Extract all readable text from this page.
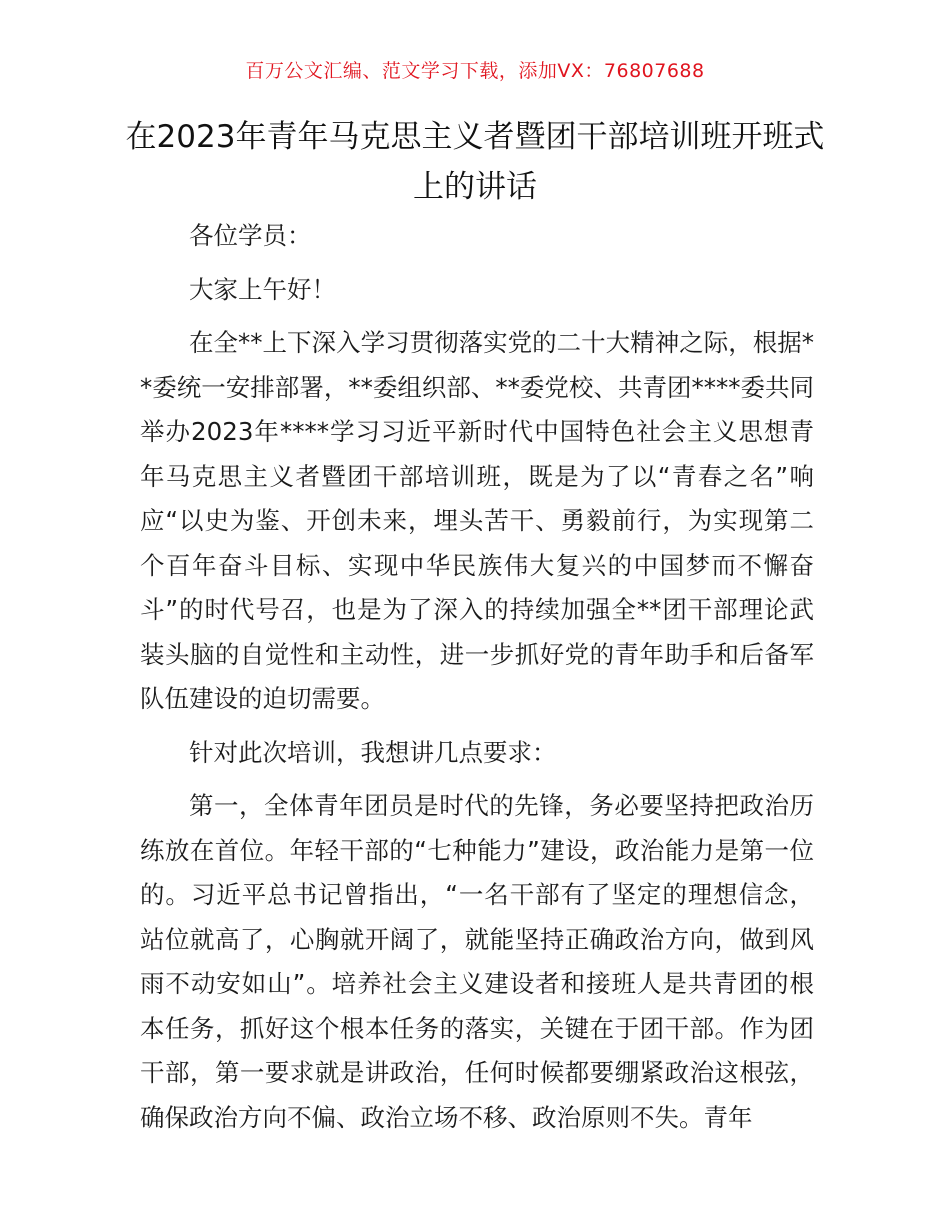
百万公文汇编、范文学习下载，添加VX：76807688
在2023年青年马克思主义者暨团干部培训班开班式上的讲话

各位学员：

大家上午好！

在全**上下深入学习贯彻落实党的二十大精神之际，根据**委统一安排部署，**委组织部、**委党校、共青团****委共同举办2023年****学习习近平新时代中国特色社会主义思想青年马克思主义者暨团干部培训班，既是为了以“青春之名”响应“以史为鉴、开创未来，埋头苦干、勇毅前行，为实现第二个百年奋斗目标、实现中华民族伟大复兴的中国梦而不懈奋斗”的时代号召，也是为了深入的持续加强全**团干部理论武装头脑的自觉性和主动性，进一步抓好党的青年助手和后备军队伍建设的迫切需要。

针对此次培训，我想讲几点要求：

第一，全体青年团员是时代的先锋，务必要坚持把政治历练放在首位。年轻干部的“七种能力”建设，政治能力是第一位的。习近平总书记曾指出，“一名干部有了坚定的理想信念，站位就高了，心胸就开阔了，就能坚持正确政治方向，做到风雨不动安如山”。培养社会主义建设者和接班人是共青团的根本任务，抓好这个根本任务的落实，关键在于团干部。作为团干部，第一要求就是讲政治，任何时候都要绷紧政治这根弦，确保政治方向不偏、政治立场不移、政治原则不失。青年
